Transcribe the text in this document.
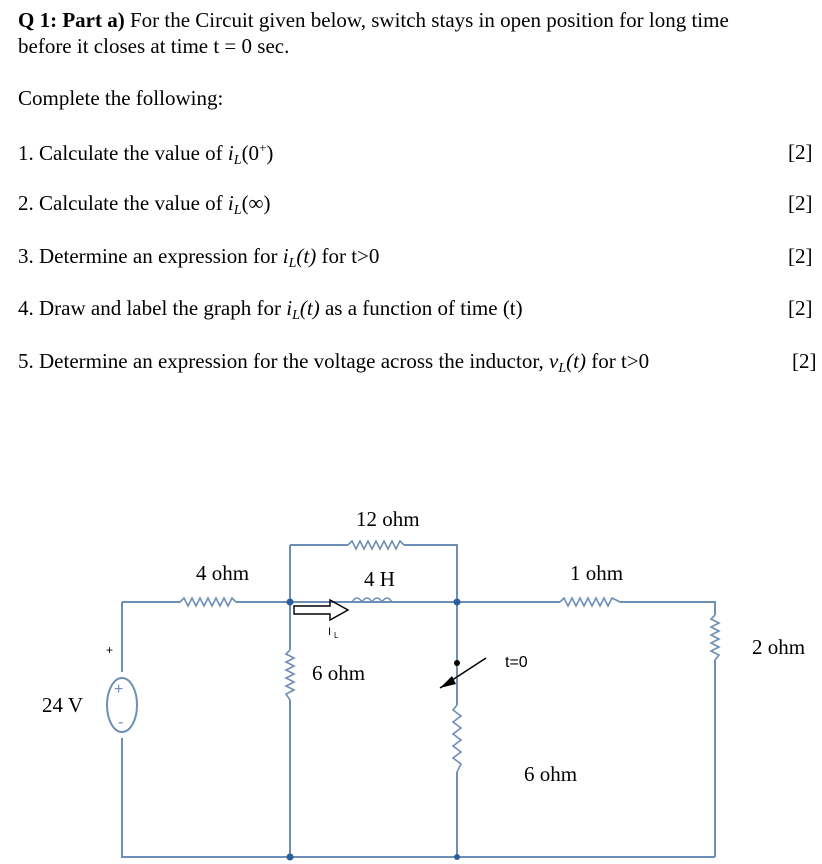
Q 1: Part a) For the Circuit given below, switch stays in open position for long time
before it closes at time t = 0 sec.
Complete the following:
1. Calculate the value of $i_L(0^+)$	[2]
2. Calculate the value of $i_L(\infty)$	[2]
3. Determine an expression for $i_L(t)$ for t>0	[2]
4. Draw and label the graph for $i_L(t)$ as a function of time (t)	[2]
5. Determine an expression for the voltage across the inductor, $v_L(t)$ for t>0	[2]
12 ohm
4 ohm	4 H	1 ohm
2 ohm
6 ohm
6 ohm
t=0
I L
+
-
+
24 V
